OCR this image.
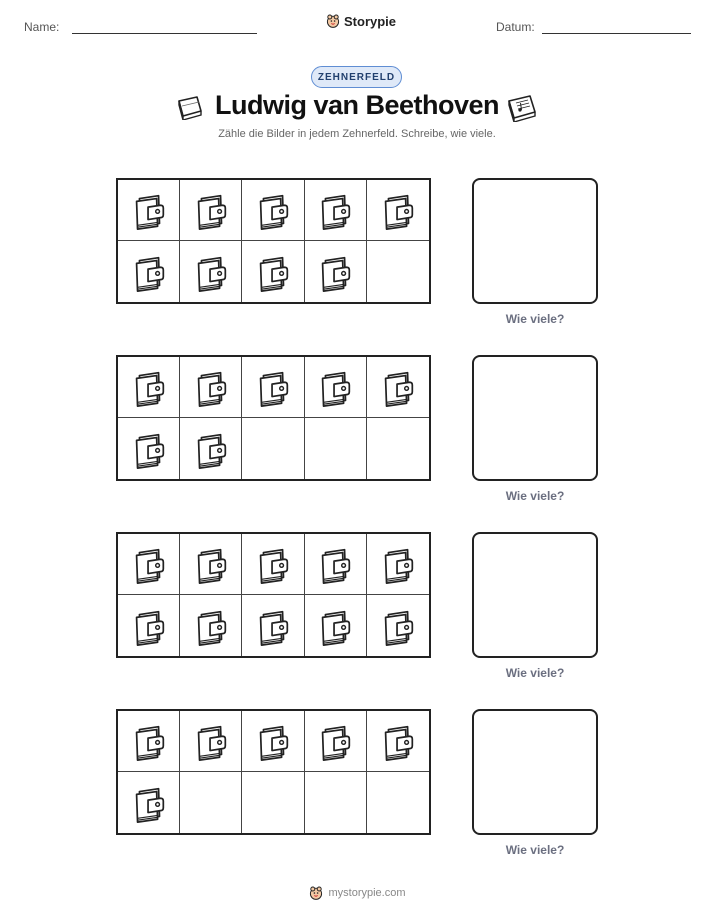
Name:	Storypie	Datum:
ZEHNERFELD
Ludwig van Beethoven
Zähle die Bilder in jedem Zehnerfeld. Schreibe, wie viele.
Wie viele?
Wie viele?
Wie viele?
Wie viele?
mystorypie.com
